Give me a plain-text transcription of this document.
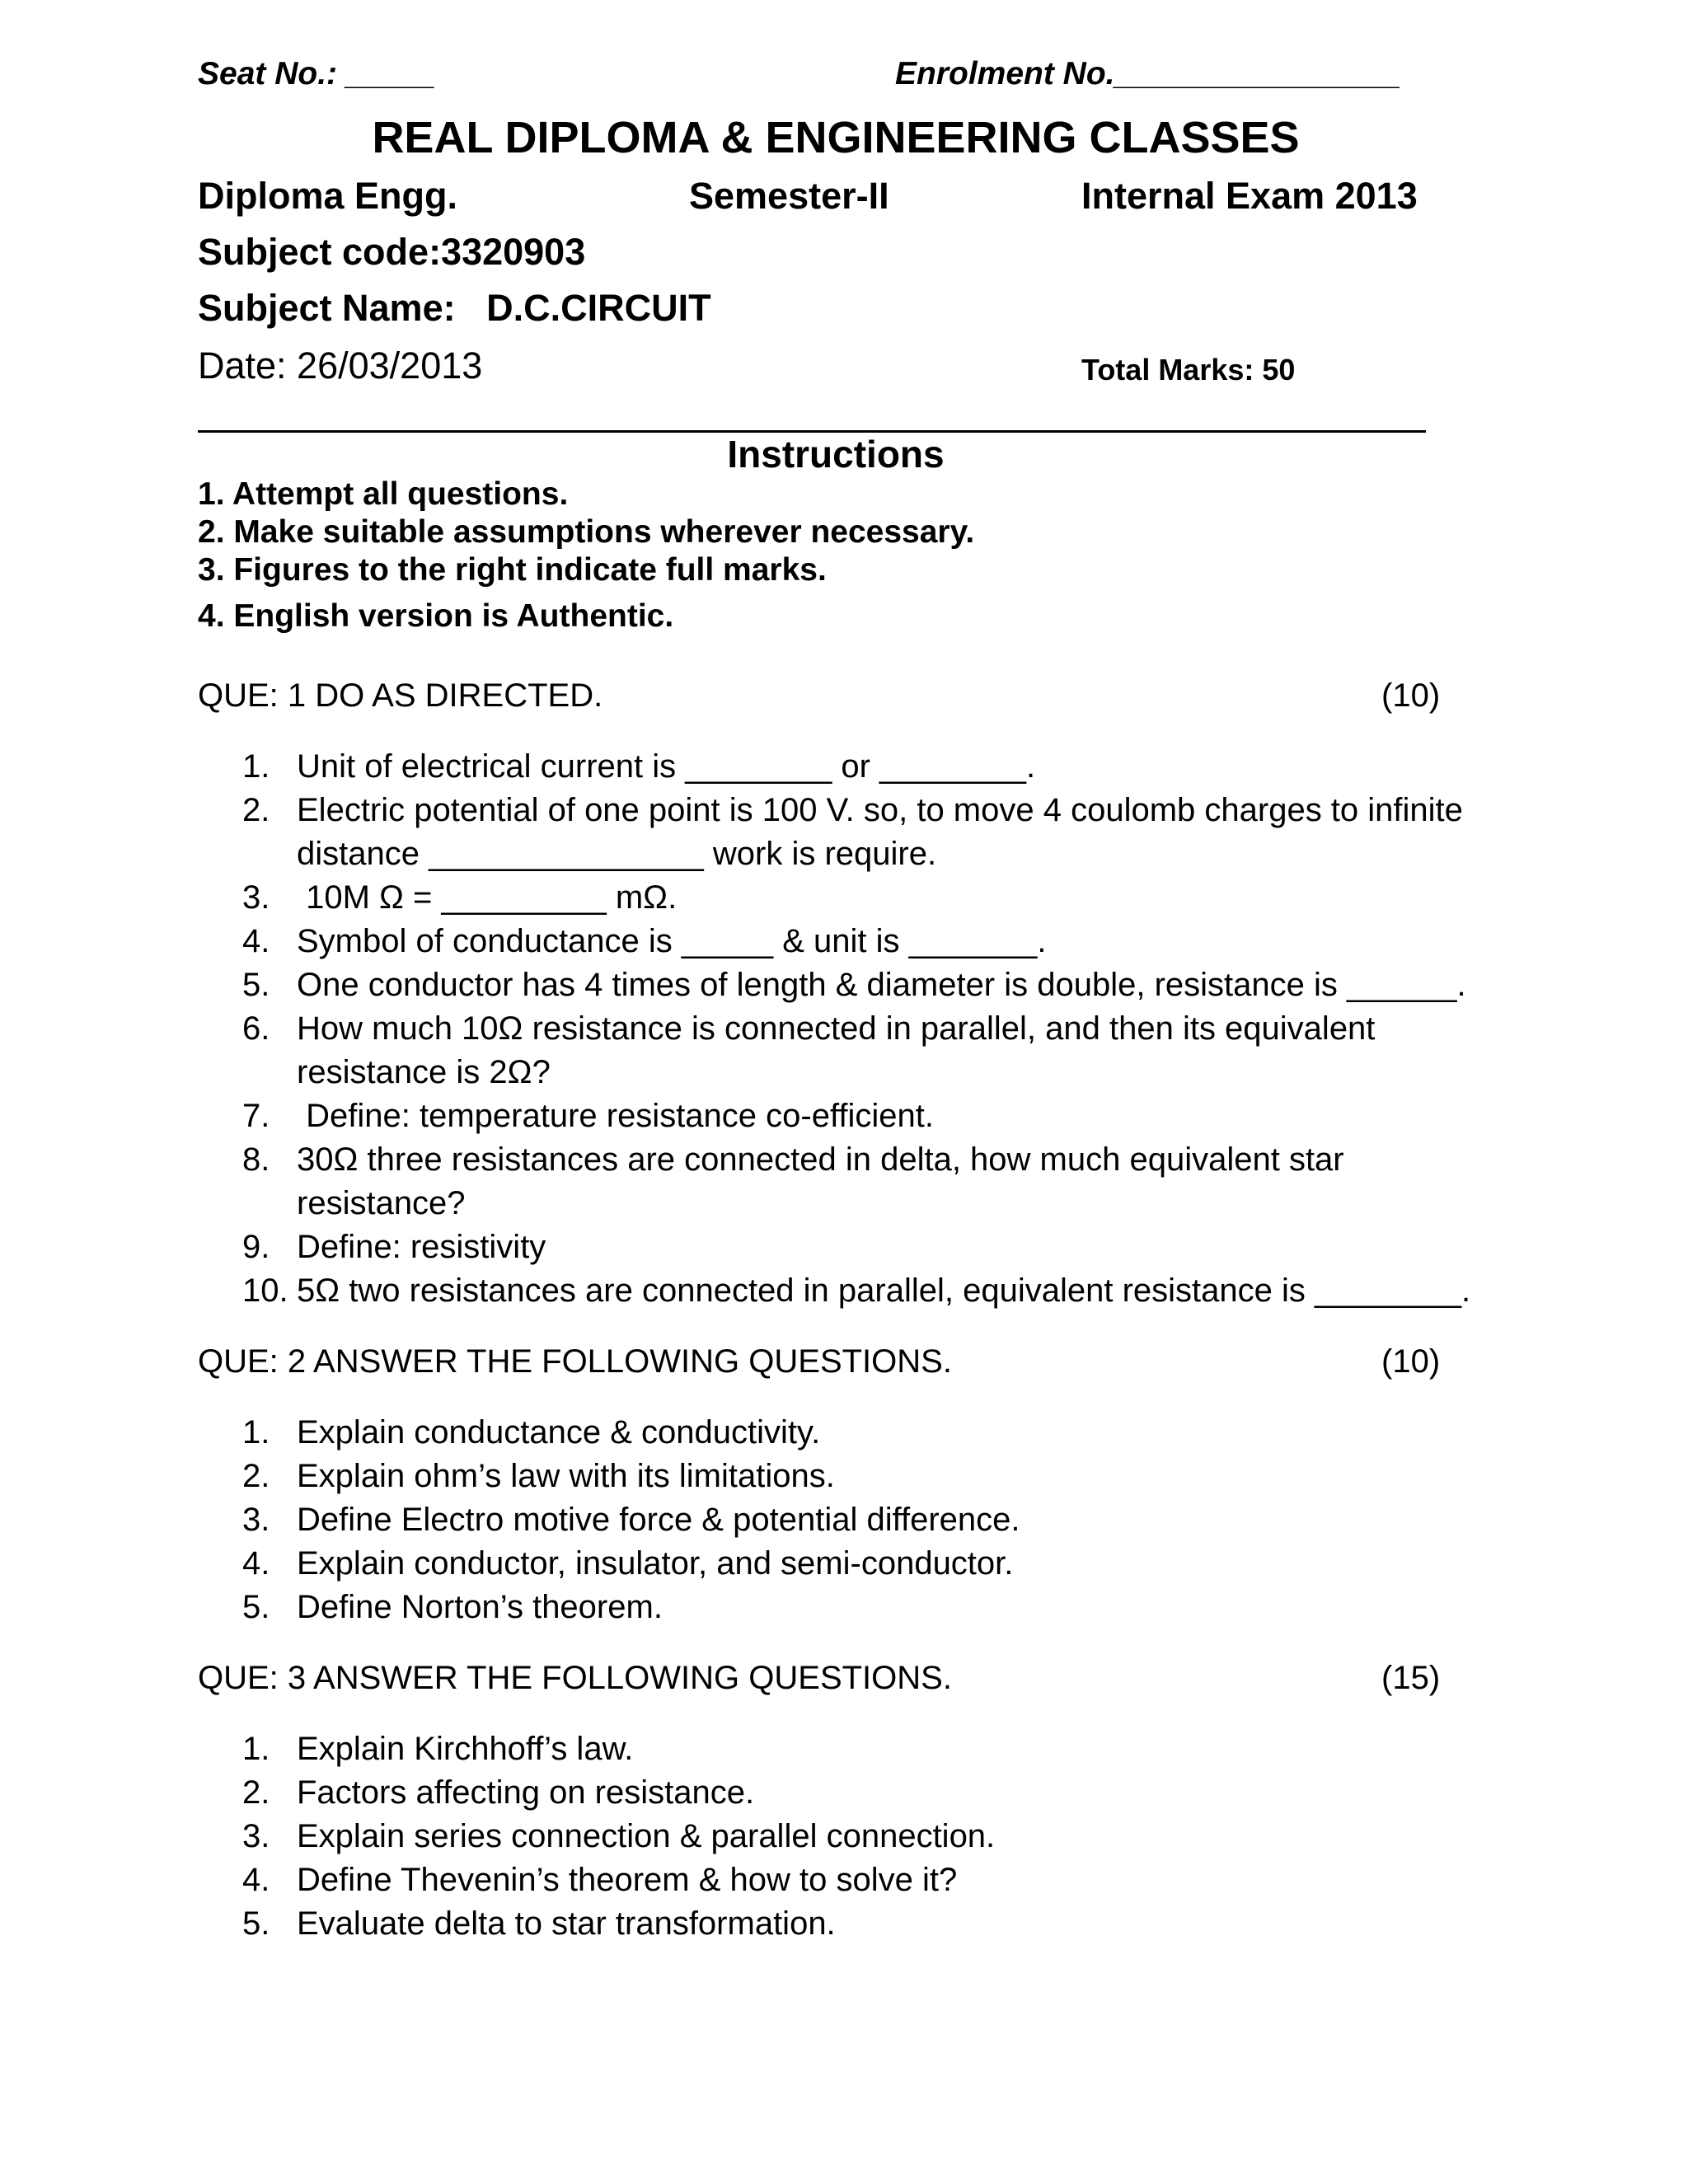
Seat No.: _____	Enrolment No.________________
REAL DIPLOMA & ENGINEERING CLASSES
Diploma Engg.	Semester-II	Internal Exam 2013
Subject code:3320903
Subject Name:   D.C.CIRCUIT
Date: 26/03/2013	Total Marks: 50
Instructions
1. Attempt all questions.
2. Make suitable assumptions wherever necessary.
3. Figures to the right indicate full marks.
4. English version is Authentic.
QUE: 1 DO AS DIRECTED.	(10)
1. Unit of electrical current is ________ or ________.
2. Electric potential of one point is 100 V. so, to move 4 coulomb charges to infinite
distance _______________ work is require.
3. 10M Ω = _________ mΩ.
4. Symbol of conductance is _____ & unit is _______.
5. One conductor has 4 times of length & diameter is double, resistance is ______.
6. How much 10Ω resistance is connected in parallel, and then its equivalent
resistance is 2Ω?
7. Define: temperature resistance co-efficient.
8. 30Ω three resistances are connected in delta, how much equivalent star
resistance?
9. Define: resistivity
10. 5Ω two resistances are connected in parallel, equivalent resistance is ________.
QUE: 2 ANSWER THE FOLLOWING QUESTIONS.	(10)
1. Explain conductance & conductivity.
2. Explain ohm’s law with its limitations.
3. Define Electro motive force & potential difference.
4. Explain conductor, insulator, and semi-conductor.
5. Define Norton’s theorem.
QUE: 3 ANSWER THE FOLLOWING QUESTIONS.	(15)
1. Explain Kirchhoff’s law.
2. Factors affecting on resistance.
3. Explain series connection & parallel connection.
4. Define Thevenin’s theorem & how to solve it?
5. Evaluate delta to star transformation.
